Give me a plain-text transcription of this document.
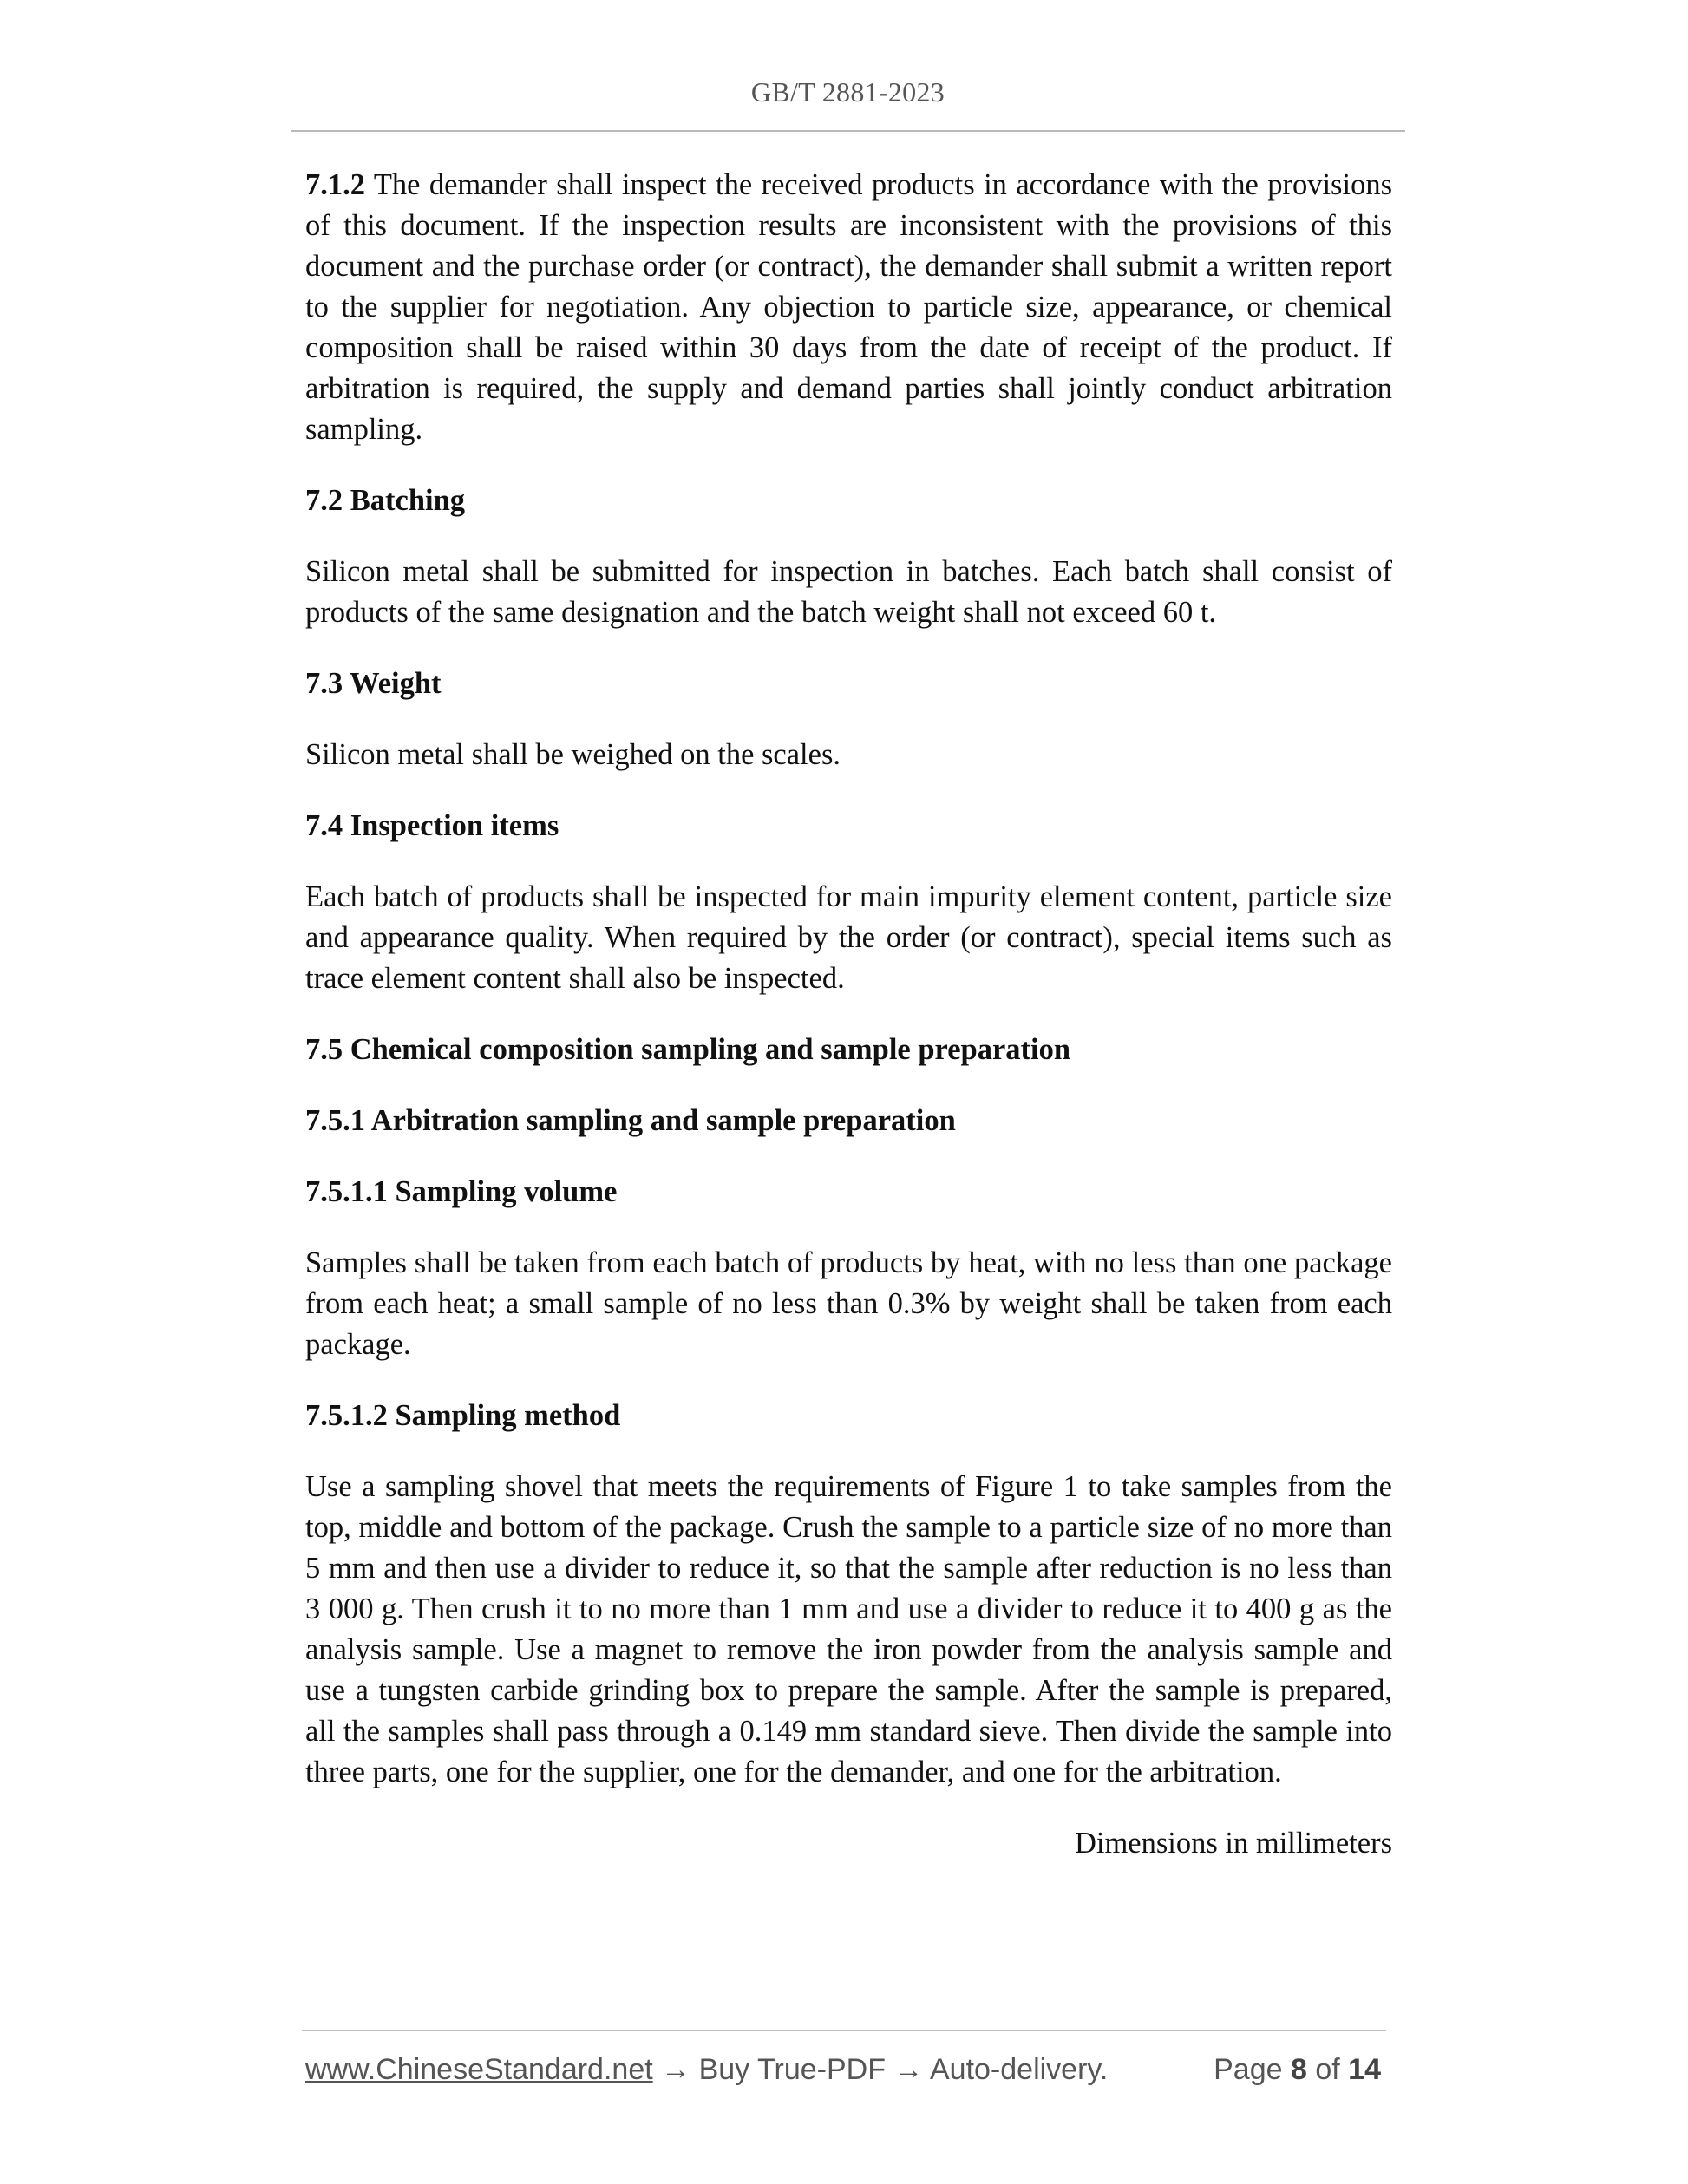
GB/T 2881-2023

7.1.2 The demander shall inspect the received products in accordance with the provisions of this document. If the inspection results are inconsistent with the provisions of this document and the purchase order (or contract), the demander shall submit a written report to the supplier for negotiation. Any objection to particle size, appearance, or chemical composition shall be raised within 30 days from the date of receipt of the product. If arbitration is required, the supply and demand parties shall jointly conduct arbitration sampling.

7.2 Batching

Silicon metal shall be submitted for inspection in batches. Each batch shall consist of products of the same designation and the batch weight shall not exceed 60 t.

7.3 Weight

Silicon metal shall be weighed on the scales.

7.4 Inspection items

Each batch of products shall be inspected for main impurity element content, particle size and appearance quality. When required by the order (or contract), special items such as trace element content shall also be inspected.

7.5 Chemical composition sampling and sample preparation
7.5.1 Arbitration sampling and sample preparation
7.5.1.1 Sampling volume

Samples shall be taken from each batch of products by heat, with no less than one package from each heat; a small sample of no less than 0.3% by weight shall be taken from each package.

7.5.1.2 Sampling method

Use a sampling shovel that meets the requirements of Figure 1 to take samples from the top, middle and bottom of the package. Crush the sample to a particle size of no more than 5 mm and then use a divider to reduce it, so that the sample after reduction is no less than 3 000 g. Then crush it to no more than 1 mm and use a divider to reduce it to 400 g as the analysis sample. Use a magnet to remove the iron powder from the analysis sample and use a tungsten carbide grinding box to prepare the sample. After the sample is prepared, all the samples shall pass through a 0.149 mm standard sieve. Then divide the sample into three parts, one for the supplier, one for the demander, and one for the arbitration.

Dimensions in millimeters

www.ChineseStandard.net → Buy True-PDF → Auto-delivery.	Page 8 of 14
